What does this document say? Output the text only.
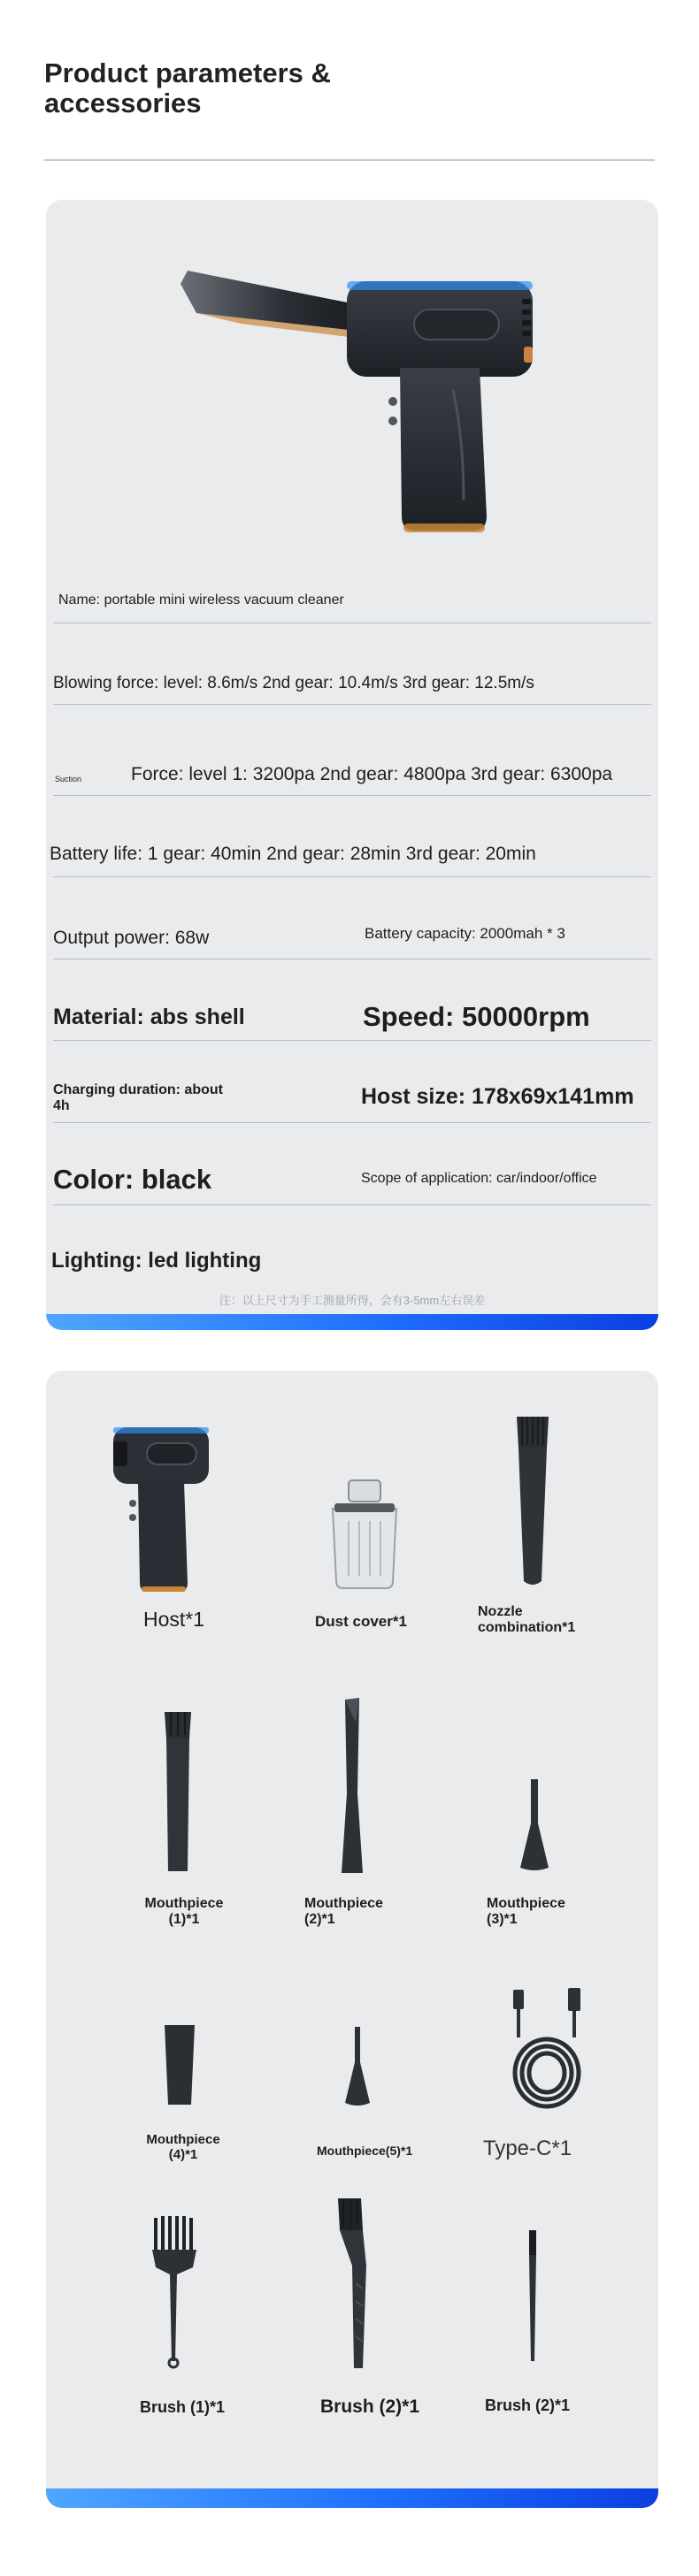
Product parameters &
accessories
Name: portable mini wireless vacuum cleaner
Blowing force: level: 8.6m/s 2nd gear: 10.4m/s 3rd gear: 12.5m/s
Suction	Force: level 1: 3200pa 2nd gear: 4800pa 3rd gear: 6300pa
Battery life: 1 gear: 40min 2nd gear: 28min 3rd gear: 20min
Output power: 68w	Battery capacity: 2000mah * 3
Material: abs shell	Speed: 50000rpm
Charging duration: about 4h	Host size: 178x69x141mm
Color: black	Scope of application: car/indoor/office
Lighting: led lighting
注：以上尺寸为手工测量所得，会有3-5mm左右误差
Host*1	Dust cover*1
Nozzle combination*1
Mouthpiece (1)*1
Mouthpiece (2)*1
Mouthpiece (3)*1
Mouthpiece (4)*1	Mouthpiece(5)*1	Type-C*1
Brush (1)*1	Brush (2)*1	Brush (2)*1
